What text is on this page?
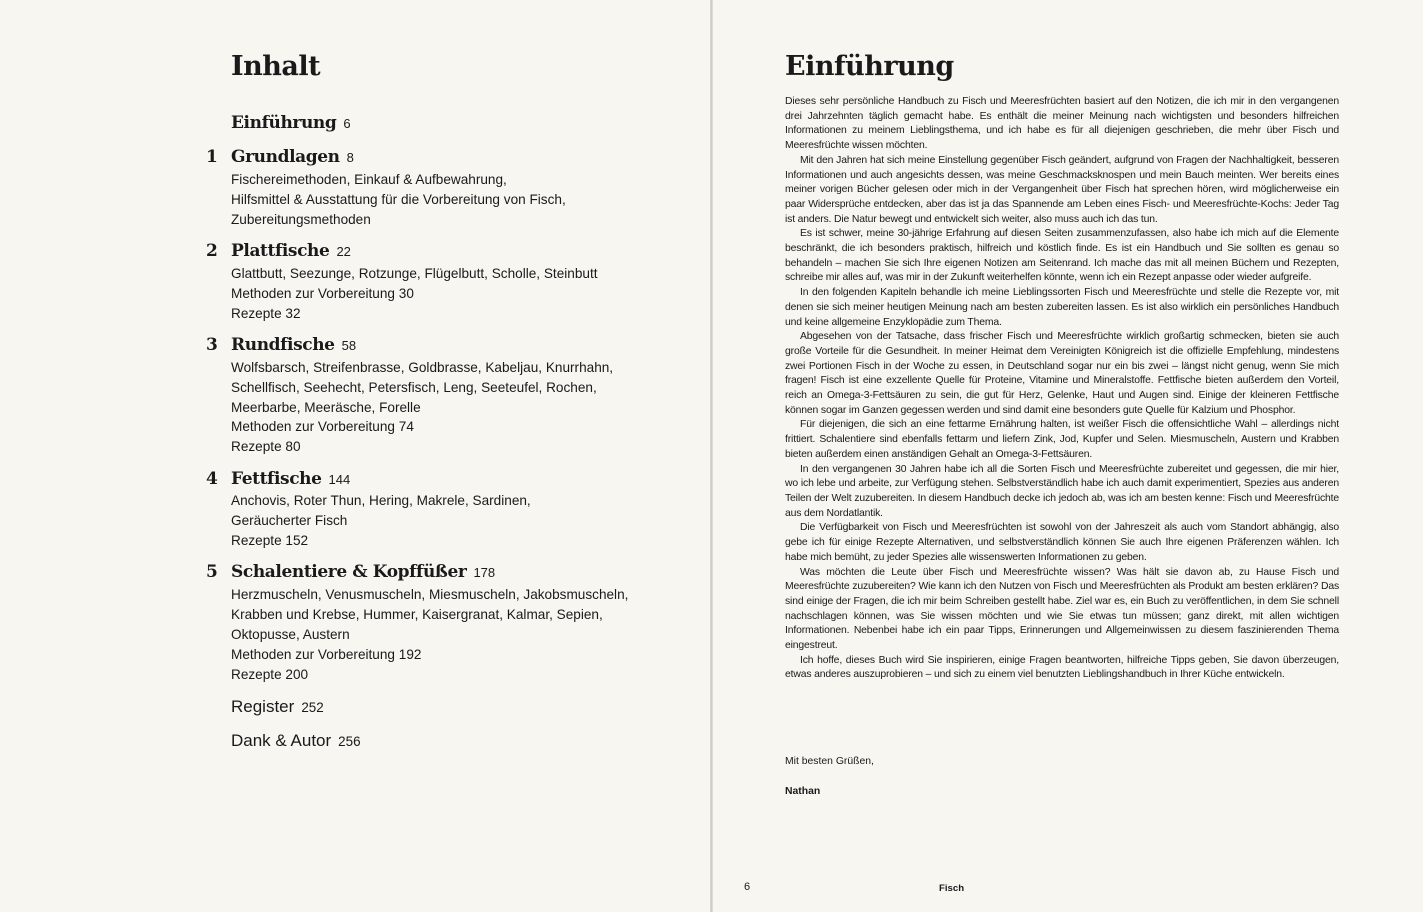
Inhalt
Einführung 6
1 Grundlagen 8
Fischereimethoden, Einkauf & Aufbewahrung,
Hilfsmittel & Ausstattung für die Vorbereitung von Fisch,
Zubereitungsmethoden
2 Plattfische 22
Glattbutt, Seezunge, Rotzunge, Flügelbutt, Scholle, Steinbutt
Methoden zur Vorbereitung 30
Rezepte 32
3 Rundfische 58
Wolfsbarsch, Streifenbrasse, Goldbrasse, Kabeljau, Knurrhahn,
Schellfisch, Seehecht, Petersfisch, Leng, Seeteufel, Rochen,
Meerbarbe, Meeräsche, Forelle
Methoden zur Vorbereitung 74
Rezepte 80
4 Fettfische 144
Anchovis, Roter Thun, Hering, Makrele, Sardinen,
Geräucherter Fisch
Rezepte 152
5 Schalentiere & Kopffüßer 178
Herzmuscheln, Venusmuscheln, Miesmuscheln, Jakobsmuscheln,
Krabben und Krebse, Hummer, Kaisergranat, Kalmar, Sepien,
Oktopusse, Austern
Methoden zur Vorbereitung 192
Rezepte 200
Register 252
Dank & Autor 256
Einführung

Dieses sehr persönliche Handbuch zu Fisch und Meeresfrüchten basiert auf den Notizen, die ich mir in den vergangenen drei Jahrzehnten täglich gemacht habe. Es enthält die meiner Meinung nach wichtigsten und besonders hilfreichen Informationen zu meinem Lieblingsthema, und ich habe es für all diejenigen geschrieben, die mehr über Fisch und Meeresfrüchte wissen möchten.

Mit den Jahren hat sich meine Einstellung gegenüber Fisch geändert, aufgrund von Fragen der Nachhaltigkeit, besseren Informationen und auch angesichts dessen, was meine Geschmacksknospen und mein Bauch meinten. Wer bereits eines meiner vorigen Bücher gelesen oder mich in der Vergangenheit über Fisch hat sprechen hören, wird möglicherweise ein paar Widersprüche entdecken, aber das ist ja das Spannende am Leben eines Fisch- und Meeresfrüchte-Kochs: Jeder Tag ist anders. Die Natur bewegt und entwickelt sich weiter, also muss auch ich das tun.

Es ist schwer, meine 30-jährige Erfahrung auf diesen Seiten zusammenzufassen, also habe ich mich auf die Elemente beschränkt, die ich besonders praktisch, hilfreich und köstlich finde. Es ist ein Handbuch und Sie sollten es genau so behandeln – machen Sie sich Ihre eigenen Notizen am Seitenrand. Ich mache das mit all meinen Büchern und Rezepten, schreibe mir alles auf, was mir in der Zukunft weiterhelfen könnte, wenn ich ein Rezept anpasse oder wieder aufgreife.

In den folgenden Kapiteln behandle ich meine Lieblingssorten Fisch und Meeresfrüchte und stelle die Rezepte vor, mit denen sie sich meiner heutigen Meinung nach am besten zubereiten lassen. Es ist also wirklich ein persönliches Handbuch und keine allgemeine Enzyklopädie zum Thema.

Abgesehen von der Tatsache, dass frischer Fisch und Meeresfrüchte wirklich großartig schmecken, bieten sie auch große Vorteile für die Gesundheit. In meiner Heimat dem Vereinigten Königreich ist die offizielle Empfehlung, mindestens zwei Portionen Fisch in der Woche zu essen, in Deutschland sogar nur ein bis zwei – längst nicht genug, wenn Sie mich fragen! Fisch ist eine exzellente Quelle für Proteine, Vitamine und Mineralstoffe. Fettfische bieten außerdem den Vorteil, reich an Omega-3-Fettsäuren zu sein, die gut für Herz, Gelenke, Haut und Augen sind. Einige der kleineren Fettfische können sogar im Ganzen gegessen werden und sind damit eine besonders gute Quelle für Kalzium und Phosphor.

Für diejenigen, die sich an eine fettarme Ernährung halten, ist weißer Fisch die offensichtliche Wahl – allerdings nicht frittiert. Schalentiere sind ebenfalls fettarm und liefern Zink, Jod, Kupfer und Selen. Miesmuscheln, Austern und Krabben bieten außerdem einen anständigen Gehalt an Omega-3-Fettsäuren.

In den vergangenen 30 Jahren habe ich all die Sorten Fisch und Meeresfrüchte zubereitet und gegessen, die mir hier, wo ich lebe und arbeite, zur Verfügung stehen. Selbstverständlich habe ich auch damit experimentiert, Spezies aus anderen Teilen der Welt zuzubereiten. In diesem Handbuch decke ich jedoch ab, was ich am besten kenne: Fisch und Meeresfrüchte aus dem Nordatlantik.

Die Verfügbarkeit von Fisch und Meeresfrüchten ist sowohl von der Jahreszeit als auch vom Standort abhängig, also gebe ich für einige Rezepte Alternativen, und selbstverständlich können Sie auch Ihre eigenen Präferenzen wählen. Ich habe mich bemüht, zu jeder Spezies alle wissenswerten Informationen zu geben.

Was möchten die Leute über Fisch und Meeresfrüchte wissen? Was hält sie davon ab, zu Hause Fisch und Meeresfrüchte zuzubereiten? Wie kann ich den Nutzen von Fisch und Meeresfrüchten als Produkt am besten erklären? Das sind einige der Fragen, die ich mir beim Schreiben gestellt habe. Ziel war es, ein Buch zu veröffentlichen, in dem Sie schnell nachschlagen können, was Sie wissen möchten und wie Sie etwas tun müssen; ganz direkt, mit allen wichtigen Informationen. Nebenbei habe ich ein paar Tipps, Erinnerungen und Allgemeinwissen zu diesem faszinierenden Thema eingestreut.

Ich hoffe, dieses Buch wird Sie inspirieren, einige Fragen beantworten, hilfreiche Tipps geben, Sie davon überzeugen, etwas anderes auszuprobieren – und sich zu einem viel benutzten Lieblingshandbuch in Ihrer Küche entwickeln.

Mit besten Grüßen,
Nathan
6	Fisch
